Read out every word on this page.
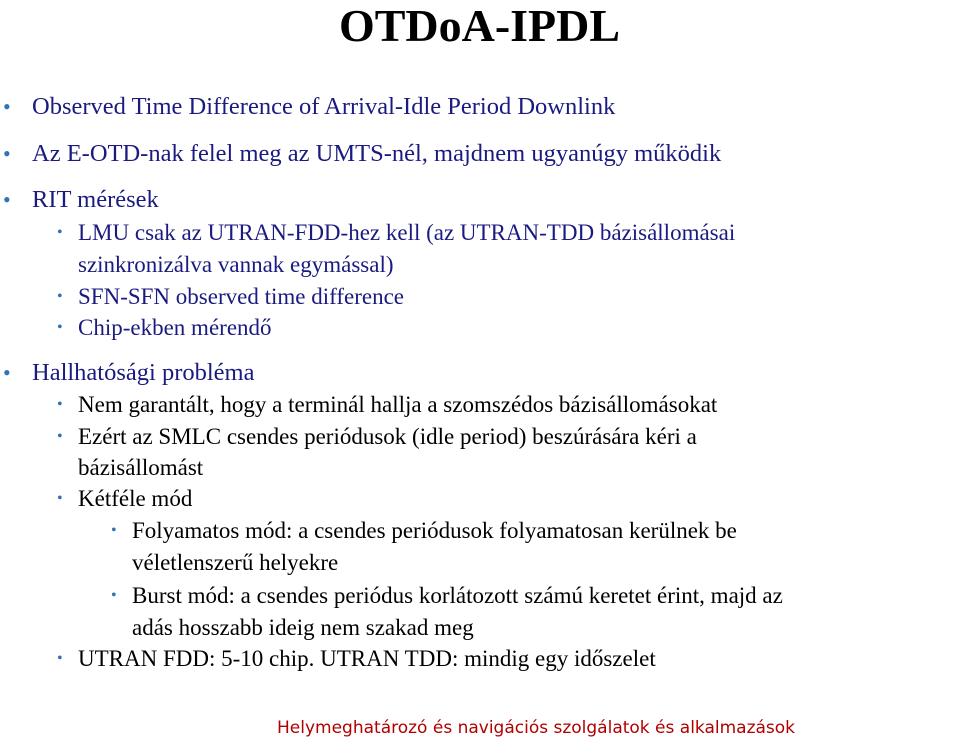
OTDoA-IPDL
• Observed Time Difference of Arrival-Idle Period Downlink
• Az E-OTD-nak felel meg az UMTS-nél, majdnem ugyanúgy működik
• RIT mérések
• LMU csak az UTRAN-FDD-hez kell (az UTRAN-TDD bázisállomásai
szinkronizálva vannak egymással)
• SFN-SFN observed time difference
• Chip-ekben mérendő
• Hallhatósági probléma
• Nem garantált, hogy a terminál hallja a szomszédos bázisállomásokat
• Ezért az SMLC csendes periódusok (idle period) beszúrására kéri a
bázisállomást
• Kétféle mód
• Folyamatos mód: a csendes periódusok folyamatosan kerülnek be
véletlenszerű helyekre
• Burst mód: a csendes periódus korlátozott számú keretet érint, majd az
adás hosszabb ideig nem szakad meg
• UTRAN FDD: 5-10 chip. UTRAN TDD: mindig egy időszelet
Helymeghatározó és navigációs szolgálatok és alkalmazások
